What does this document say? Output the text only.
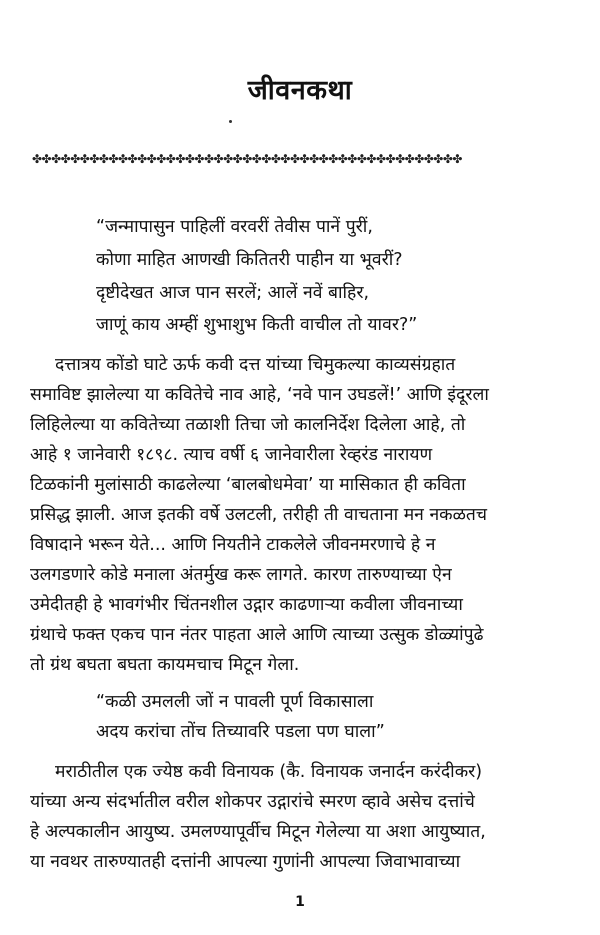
जीवनकथा
✤✤✤✤✤✤✤✤✤✤✤✤✤✤✤✤✤✤✤✤✤✤✤✤✤✤✤✤✤✤✤✤✤✤✤✤✤✤✤✤✤✤✤✤✤
“जन्मापासुन पाहिलीं वरवरीं तेवीस पानें पुरीं,
कोणा माहित आणखी कितितरी पाहीन या भूवरीं?
दृष्टीदेखत आज पान सरलें; आलें नवें बाहिर,
जाणूं काय अम्हीं शुभाशुभ किती वाचील तो यावर?”
दत्तात्रय कोंडो घाटे ऊर्फ कवी दत्त यांच्या चिमुकल्या काव्यसंग्रहात
समाविष्ट झालेल्या या कवितेचे नाव आहे, ‘नवे पान उघडलें!’ आणि इंदूरला
लिहिलेल्या या कवितेच्या तळाशी तिचा जो कालनिर्देश दिलेला आहे, तो
आहे १ जानेवारी १८९८. त्याच वर्षी ६ जानेवारीला रेव्हरंड नारायण
टिळकांनी मुलांसाठी काढलेल्या ‘बालबोधमेवा’ या मासिकात ही कविता
प्रसिद्ध झाली. आज इतकी वर्षे उलटली, तरीही ती वाचताना मन नकळतच
विषादाने भरून येते... आणि नियतीने टाकलेले जीवनमरणाचे हे न
उलगडणारे कोडे मनाला अंतर्मुख करू लागते. कारण तारुण्याच्या ऐन
उमेदीतही हे भावगंभीर चिंतनशील उद्गार काढणाऱ्या कवीला जीवनाच्या
ग्रंथाचे फक्त एकच पान नंतर पाहता आले आणि त्याच्या उत्सुक डोळ्यांपुढे
तो ग्रंथ बघता बघता कायमचाच मिटून गेला.
“कळी उमलली जों न पावली पूर्ण विकासाला
अदय करांचा तोंच तिच्यावरि पडला पण घाला”
मराठीतील एक ज्येष्ठ कवी विनायक (कै. विनायक जनार्दन करंदीकर)
यांच्या अन्य संदर्भातील वरील शोकपर उद्गारांचे स्मरण व्हावे असेच दत्तांचे
हे अल्पकालीन आयुष्य. उमलण्यापूर्वीच मिटून गेलेल्या या अशा आयुष्यात,
या नवथर तारुण्यातही दत्तांनी आपल्या गुणांनी आपल्या जिवाभावाच्या
1
